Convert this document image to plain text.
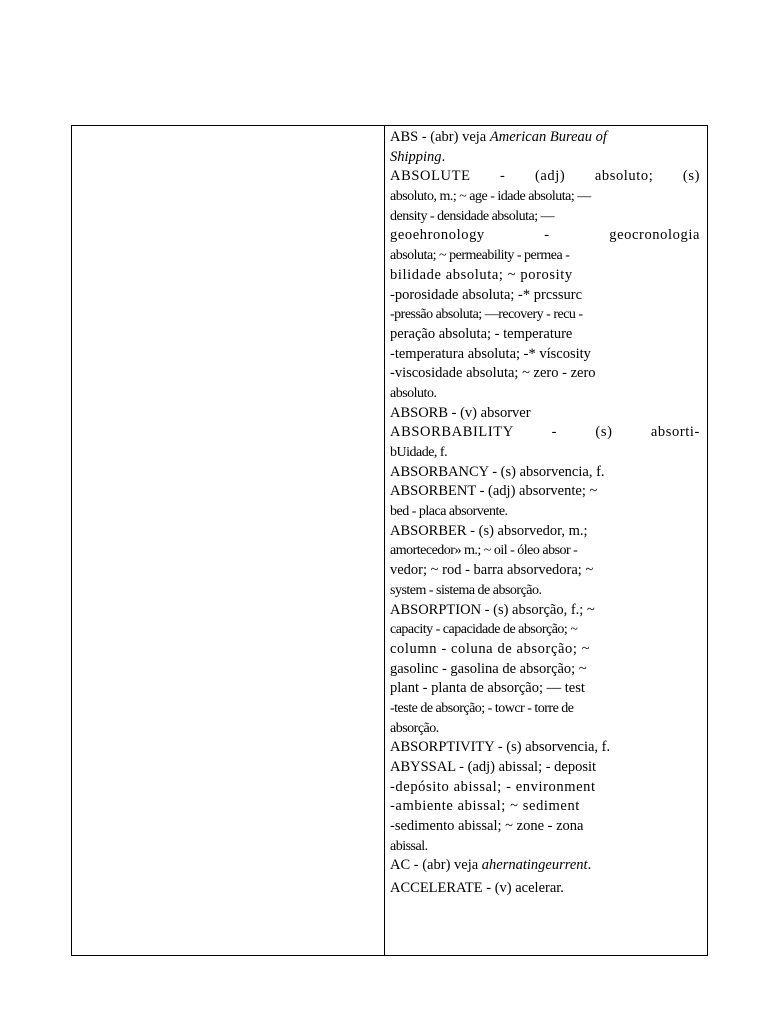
ABS - (abr) veja American Bureau of
Shipping.
ABSOLUTE - (adj) absoluto; (s)
absoluto, m.; ~ age - idade absoluta; —
density - densidade absoluta; —
geoehronology - geocronologia
absoluta; ~ permeability - permea -
bilidade absoluta; ~ porosity
-porosidade absoluta; -* prcssurc
-pressão absoluta; —recovery - recu -
peração absoluta; - temperature
-temperatura absoluta; -* víscosity
-viscosidade absoluta; ~ zero - zero
absoluto.
ABSORB - (v) absorver
ABSORBABILITY - (s) absorti-
bUidade, f.
ABSORBANCY - (s) absorvencia, f.
ABSORBENT - (adj) absorvente; ~
bed - placa absorvente.
ABSORBER - (s) absorvedor, m.;
amortecedor» m.; ~ oil - óleo absor -
vedor; ~ rod - barra absorvedora; ~
system - sistema de absorção.
ABSORPTION - (s) absorção, f.; ~
capacity - capacidade de absorção; ~
column - coluna de absorção; ~
gasolinc - gasolina de absorção; ~
plant - planta de absorção; — test
-teste de absorção; - towcr - torre de
absorção.
ABSORPTIVITY - (s) absorvencia, f.
ABYSSAL - (adj) abissal; - deposit
-depósito abissal; - environment
-ambiente abissal; ~ sediment
-sedimento abissal; ~ zone - zona
abissal.
AC - (abr) veja ahernatingeurrent.
ACCELERATE - (v) acelerar.
